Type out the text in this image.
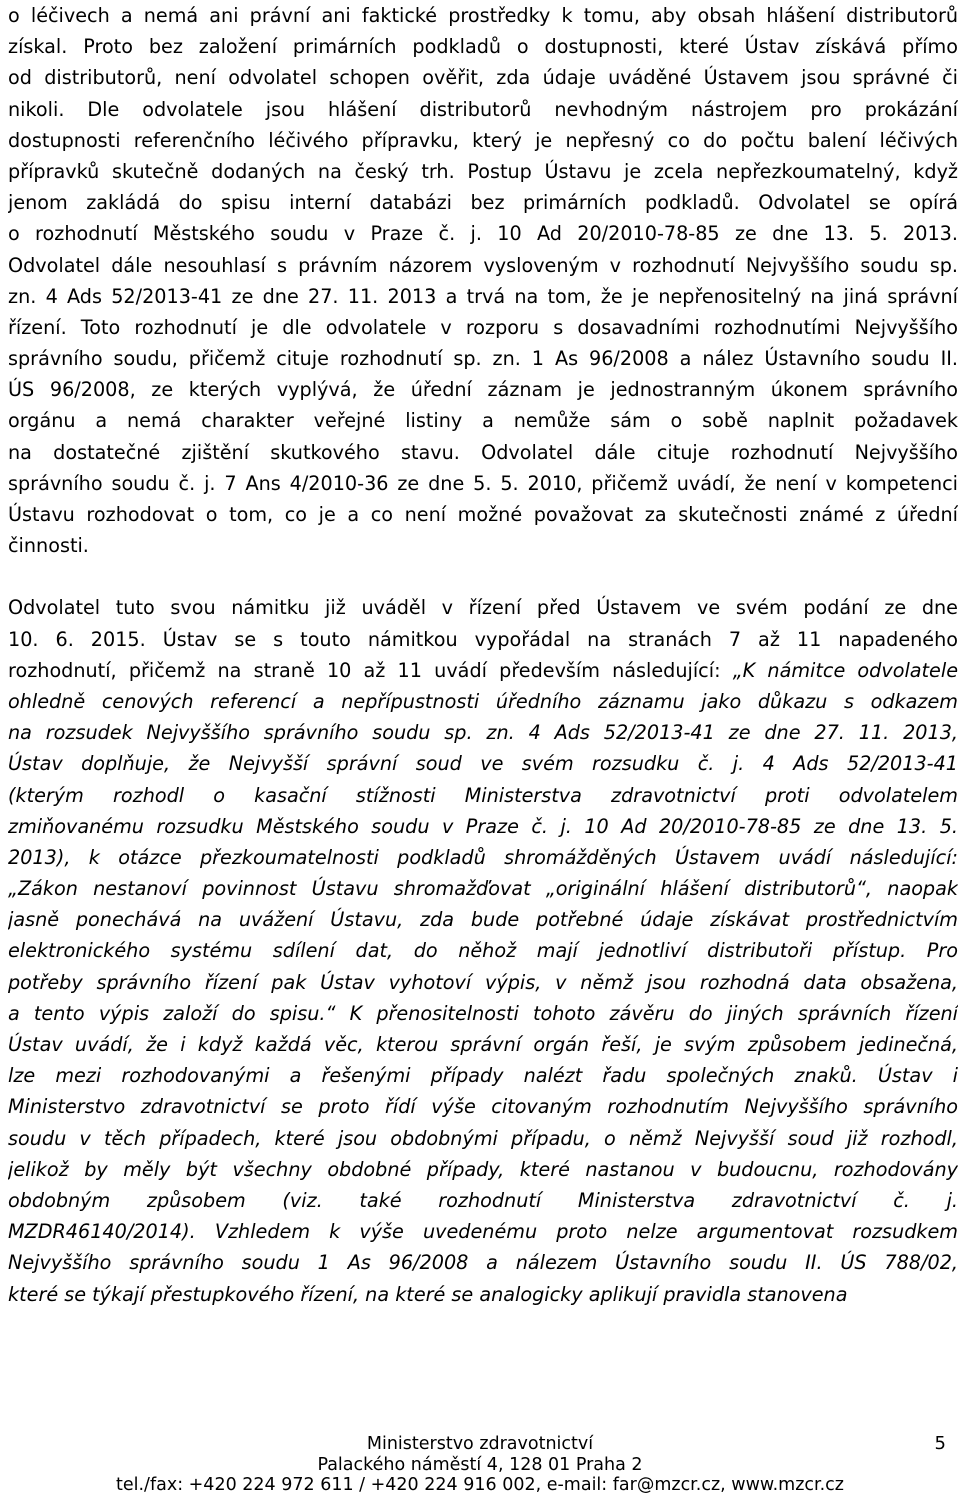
o léčivech a nemá ani právní ani faktické prostředky k tomu, aby obsah hlášení distributorů
získal. Proto bez založení primárních podkladů o dostupnosti, které Ústav získává přímo
od distributorů, není odvolatel schopen ověřit, zda údaje uváděné Ústavem jsou správné či
nikoli. Dle odvolatele jsou hlášení distributorů nevhodným nástrojem pro prokázání
dostupnosti referenčního léčivého přípravku, který je nepřesný co do počtu balení léčivých
přípravků skutečně dodaných na český trh. Postup Ústavu je zcela nepřezkoumatelný, když
jenom zakládá do spisu interní databázi bez primárních podkladů. Odvolatel se opírá
o rozhodnutí Městského soudu v Praze č. j. 10 Ad 20/2010-78-85 ze dne 13. 5. 2013.
Odvolatel dále nesouhlasí s právním názorem vysloveným v rozhodnutí Nejvyššího soudu sp.
zn. 4 Ads 52/2013-41 ze dne 27. 11. 2013 a trvá na tom, že je nepřenositelný na jiná správní
řízení. Toto rozhodnutí je dle odvolatele v rozporu s dosavadními rozhodnutími Nejvyššího
správního soudu, přičemž cituje rozhodnutí sp. zn. 1 As 96/2008 a nález Ústavního soudu II.
ÚS 96/2008, ze kterých vyplývá, že úřední záznam je jednostranným úkonem správního
orgánu a nemá charakter veřejné listiny a nemůže sám o sobě naplnit požadavek
na dostatečné zjištění skutkového stavu. Odvolatel dále cituje rozhodnutí Nejvyššího
správního soudu č. j. 7 Ans 4/2010-36 ze dne 5. 5. 2010, přičemž uvádí, že není v kompetenci
Ústavu rozhodovat o tom, co je a co není možné považovat za skutečnosti známé z úřední
činnosti.
Odvolatel tuto svou námitku již uváděl v řízení před Ústavem ve svém podání ze dne
10. 6. 2015. Ústav se s touto námitkou vypořádal na stranách 7 až 11 napadeného
rozhodnutí, přičemž na straně 10 až 11 uvádí především následující: „K námitce odvolatele
ohledně cenových referencí a nepřípustnosti úředního záznamu jako důkazu s odkazem
na rozsudek Nejvyššího správního soudu sp. zn. 4 Ads 52/2013-41 ze dne 27. 11. 2013,
Ústav doplňuje, že Nejvyšší správní soud ve svém rozsudku č. j. 4 Ads 52/2013-41
(kterým rozhodl o kasační stížnosti Ministerstva zdravotnictví proti odvolatelem
zmiňovanému rozsudku Městského soudu v Praze č. j. 10 Ad 20/2010-78-85 ze dne 13. 5.
2013), k otázce přezkoumatelnosti podkladů shromážděných Ústavem uvádí následující:
„Zákon nestanoví povinnost Ústavu shromažďovat „originální hlášení distributorů“, naopak
jasně ponechává na uvážení Ústavu, zda bude potřebné údaje získávat prostřednictvím
elektronického systému sdílení dat, do něhož mají jednotliví distributoři přístup. Pro
potřeby správního řízení pak Ústav vyhotoví výpis, v němž jsou rozhodná data obsažena,
a tento výpis založí do spisu.“ K přenositelnosti tohoto závěru do jiných správních řízení
Ústav uvádí, že i když každá věc, kterou správní orgán řeší, je svým způsobem jedinečná,
lze mezi rozhodovanými a řešenými případy nalézt řadu společných znaků. Ústav i
Ministerstvo zdravotnictví se proto řídí výše citovaným rozhodnutím Nejvyššího správního
soudu v těch případech, které jsou obdobnými případu, o němž Nejvyšší soud již rozhodl,
jelikož by měly být všechny obdobné případy, které nastanou v budoucnu, rozhodovány
obdobným způsobem (viz. také rozhodnutí Ministerstva zdravotnictví č. j.
MZDR46140/2014). Vzhledem k výše uvedenému proto nelze argumentovat rozsudkem
Nejvyššího správního soudu 1 As 96/2008 a nálezem Ústavního soudu II. ÚS 788/02,
které se týkají přestupkového řízení, na které se analogicky aplikují pravidla stanovena
Ministerstvo zdravotnictví
Palackého náměstí 4, 128 01 Praha 2
tel./fax: +420 224 972 611 / +420 224 916 002, e-mail: far@mzcr.cz, www.mzcr.cz
5
